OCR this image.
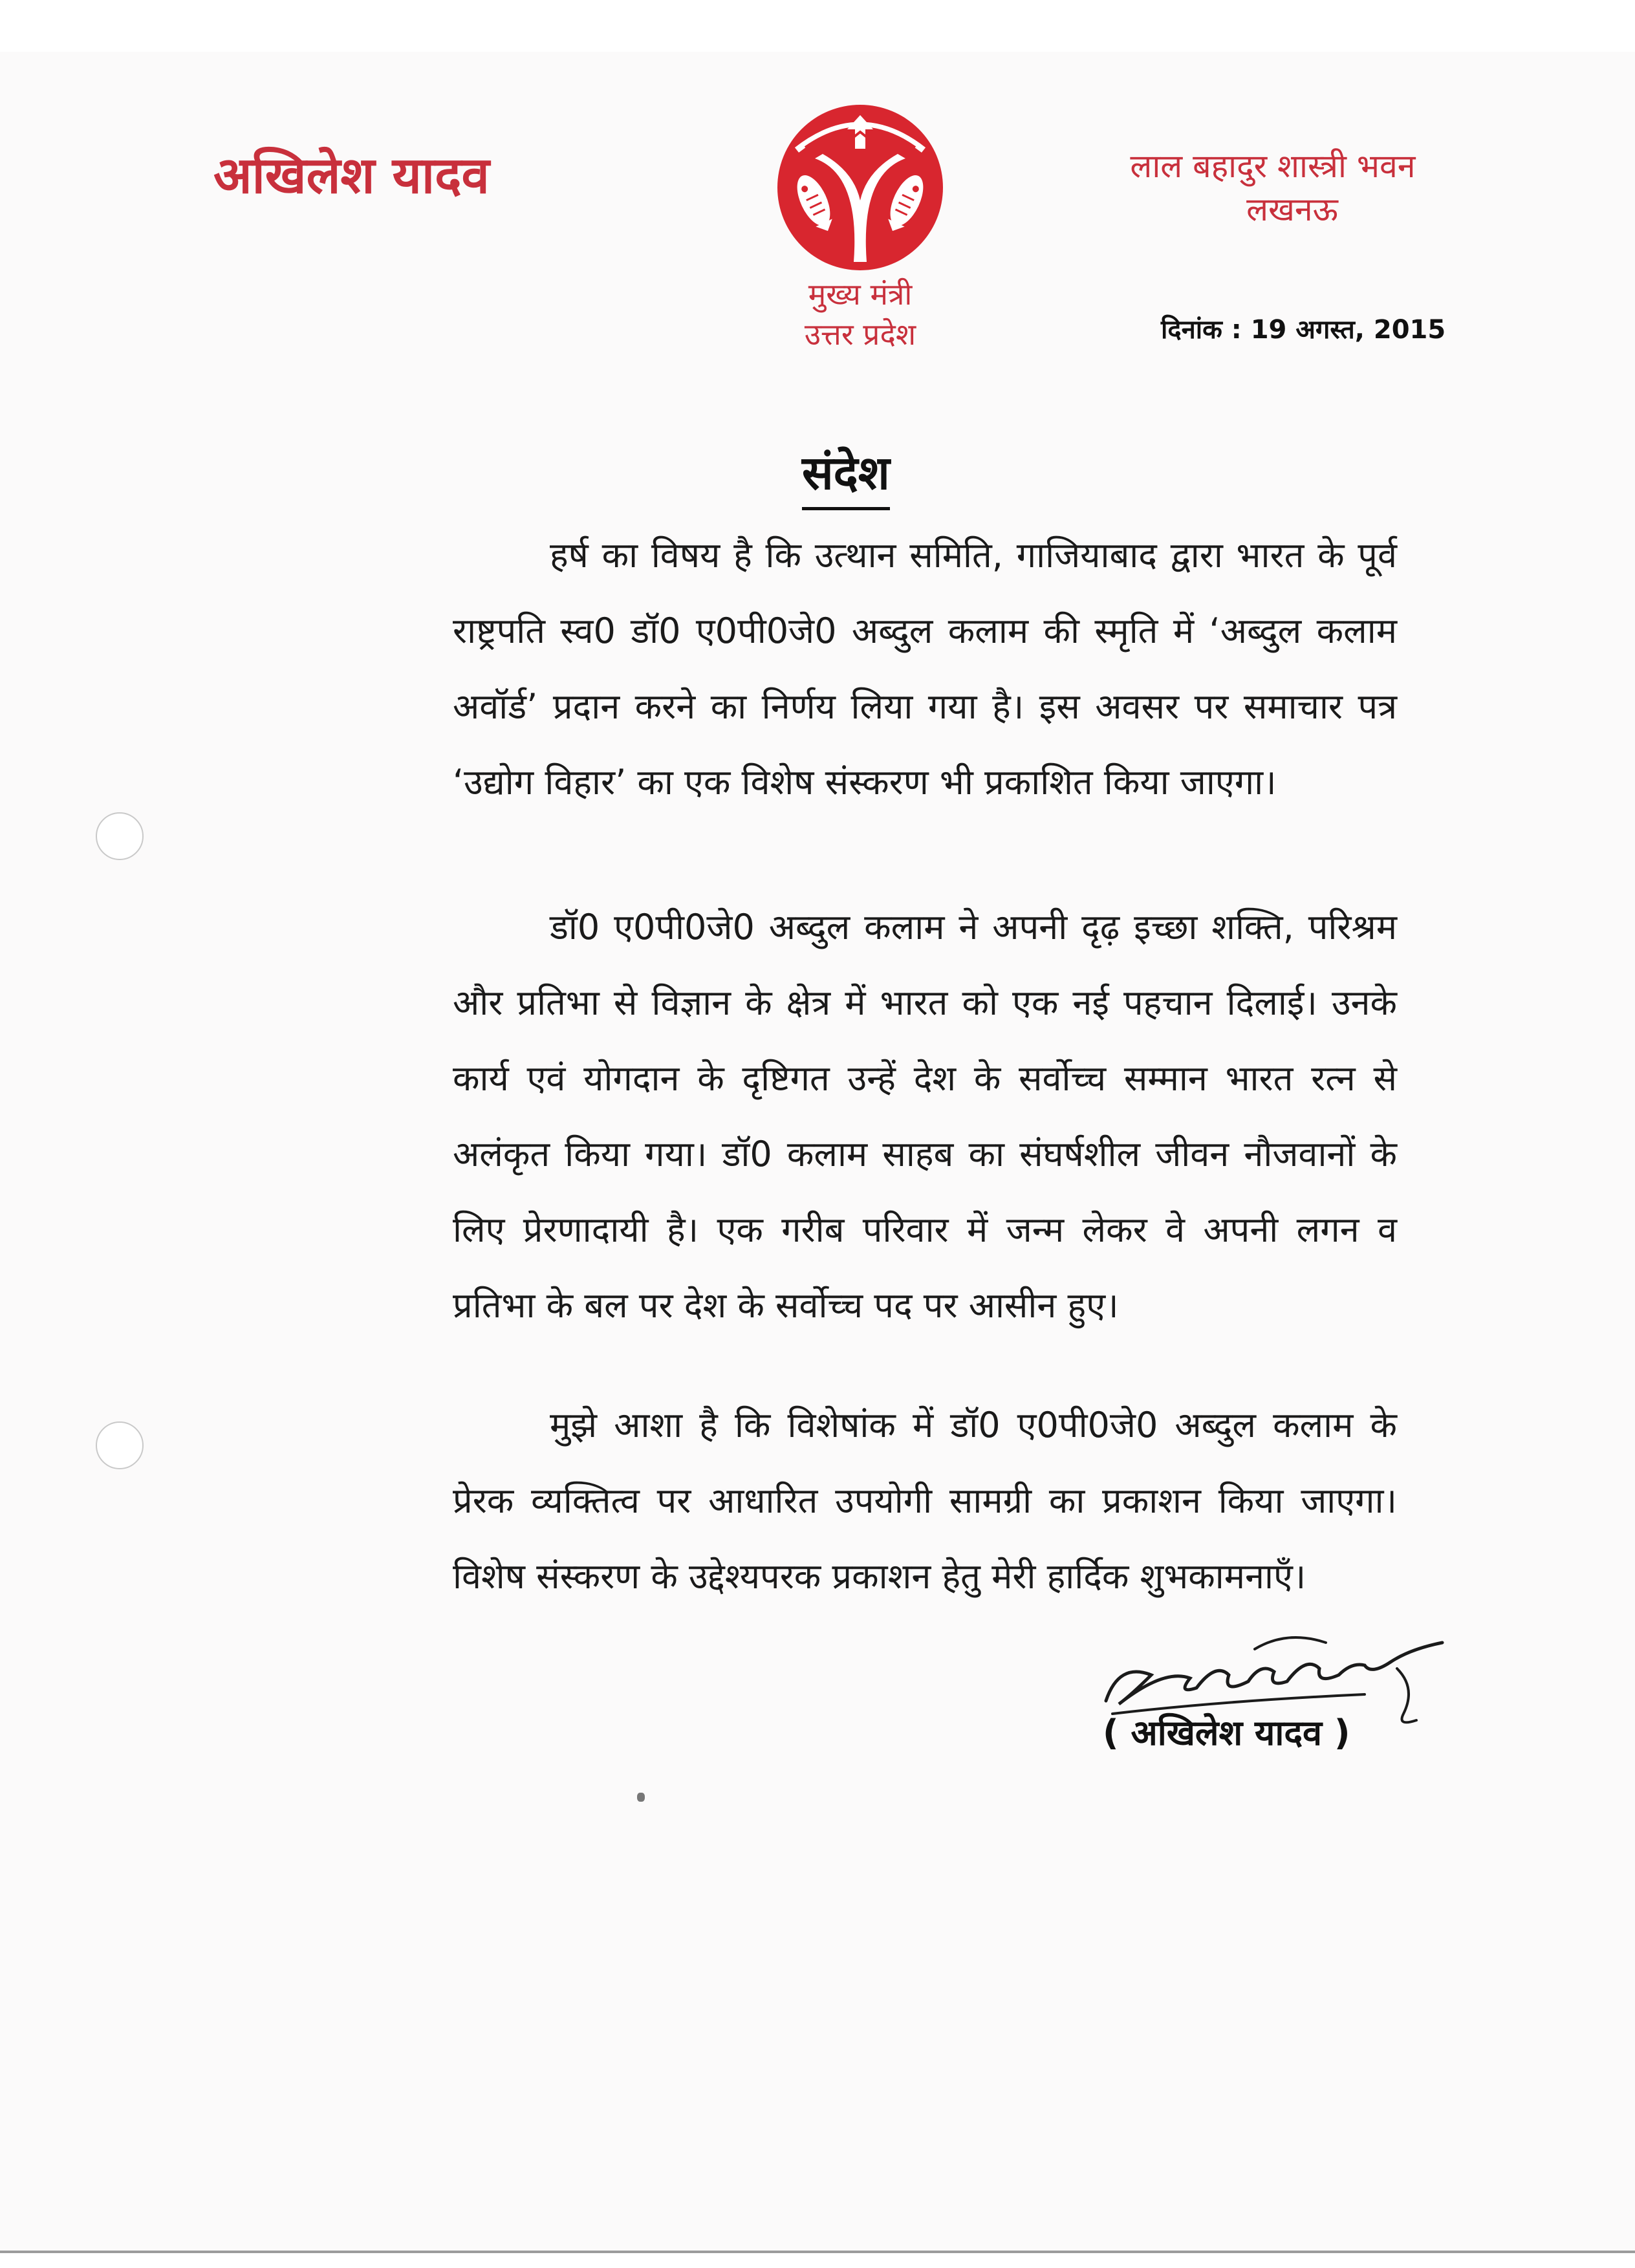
अखिलेश यादव
मुख्य मंत्री
उत्तर प्रदेश
लाल बहादुर शास्त्री भवन
लखनऊ
दिनांक : 19 अगस्त, 2015
संदेश
हर्ष का विषय है कि उत्थान समिति, गाजियाबाद द्वारा भारत के पूर्व राष्ट्रपति स्व0 डॉ0 ए0पी0जे0 अब्दुल कलाम की स्मृति में ‘अब्दुल कलाम अवॉर्ड’ प्रदान करने का निर्णय लिया गया है। इस अवसर पर समाचार पत्र ‘उद्योग विहार’ का एक विशेष संस्करण भी प्रकाशित किया जाएगा।
डॉ0 ए0पी0जे0 अब्दुल कलाम ने अपनी दृढ़ इच्छा शक्ति, परिश्रम और प्रतिभा से विज्ञान के क्षेत्र में भारत को एक नई पहचान दिलाई। उनके कार्य एवं योगदान के दृष्टिगत उन्हें देश के सर्वोच्च सम्मान भारत रत्न से अलंकृत किया गया। डॉ0 कलाम साहब का संघर्षशील जीवन नौजवानों के लिए प्रेरणादायी है। एक गरीब परिवार में जन्म लेकर वे अपनी लगन व प्रतिभा के बल पर देश के सर्वोच्च पद पर आसीन हुए।
मुझे आशा है कि विशेषांक में डॉ0 ए0पी0जे0 अब्दुल कलाम के प्रेरक व्यक्तित्व पर आधारित उपयोगी सामग्री का प्रकाशन किया जाएगा। विशेष संस्करण के उद्देश्यपरक प्रकाशन हेतु मेरी हार्दिक शुभकामनाएँ।
( अखिलेश यादव )
